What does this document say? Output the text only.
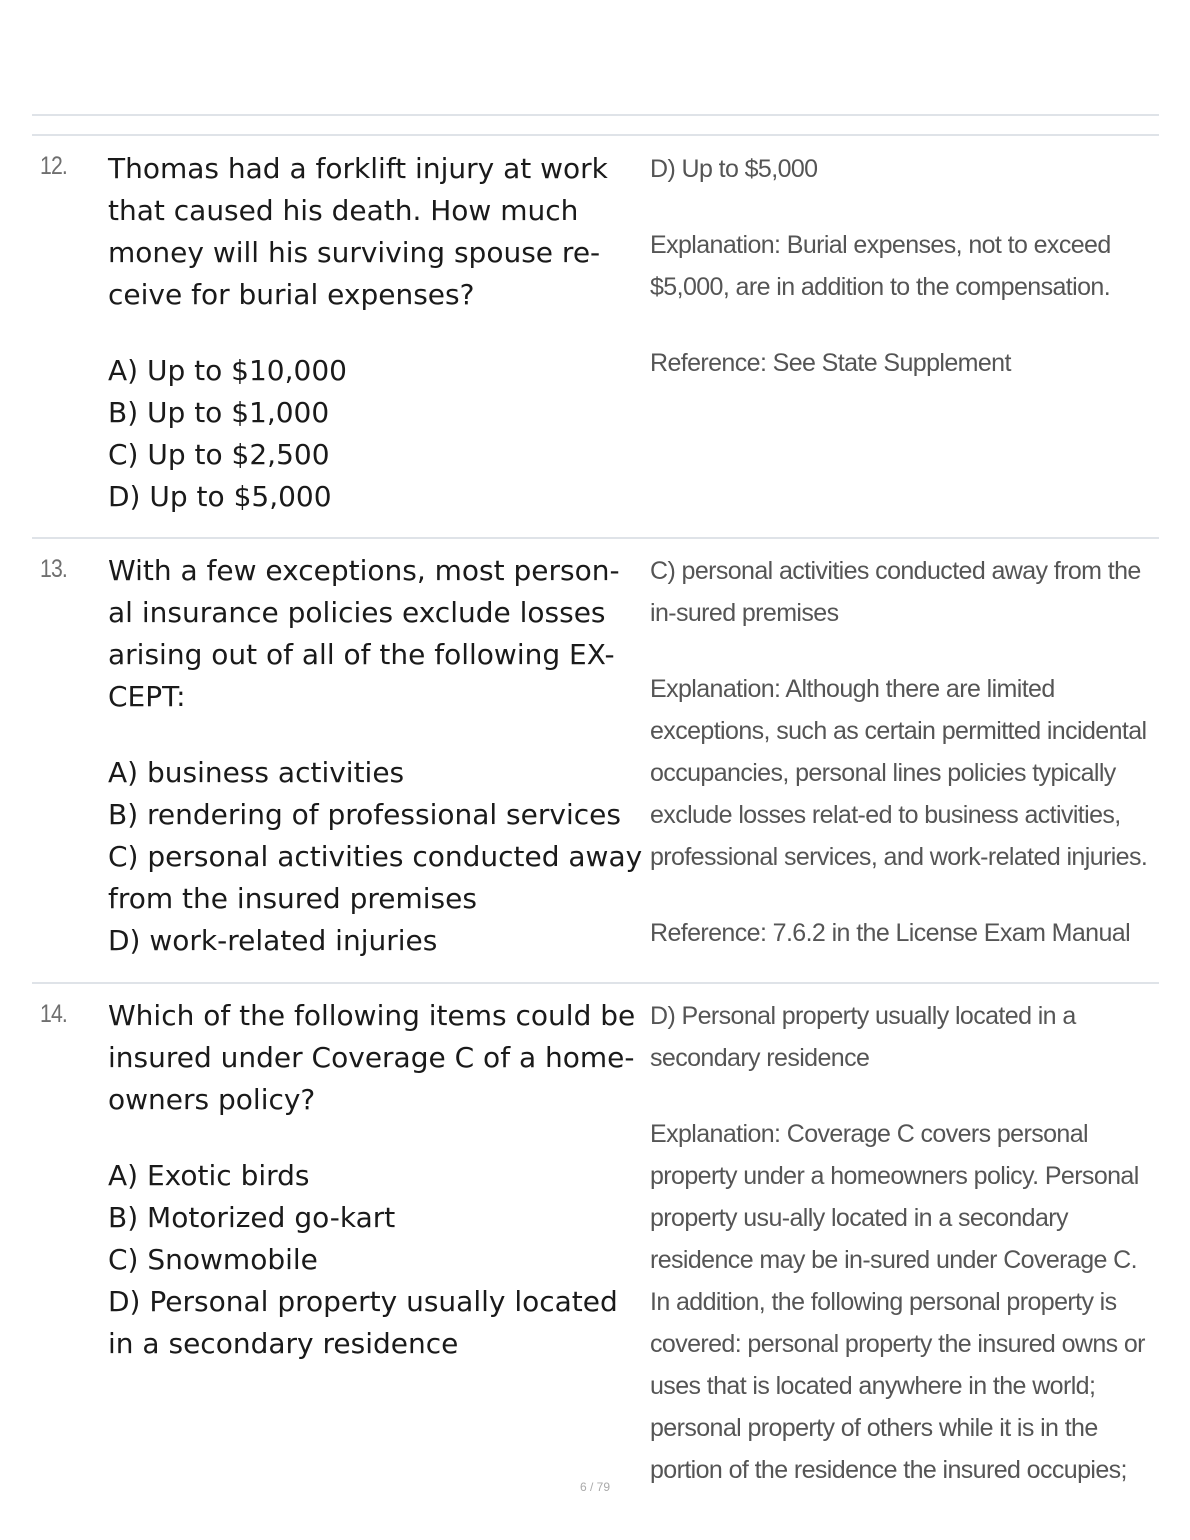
12. Thomas had a forklift injury at work that caused his death. How much money will his surviving spouse re-ceive for burial expenses?

A) Up to $10,000
B) Up to $1,000
C) Up to $2,500
D) Up to $5,000

D) Up to $5,000

Explanation: Burial expenses, not to exceed $5,000, are in addition to the compensation.

Reference: See State Supplement

13. With a few exceptions, most person-al insurance policies exclude losses arising out of all of the following EX-CEPT:

A) business activities
B) rendering of professional services
C) personal activities conducted away from the insured premises
D) work-related injuries

C) personal activities conducted away from the in-sured premises

Explanation: Although there are limited exceptions, such as certain permitted incidental occupancies, personal lines policies typically exclude losses relat-ed to business activities, professional services, and work-related injuries.

Reference: 7.6.2 in the License Exam Manual

14. Which of the following items could be insured under Coverage C of a home-owners policy?

A) Exotic birds
B) Motorized go-kart
C) Snowmobile
D) Personal property usually located in a secondary residence

D) Personal property usually located in a secondary residence

Explanation: Coverage C covers personal property under a homeowners policy. Personal property usu-ally located in a secondary residence may be in-sured under Coverage C. In addition, the following personal property is covered: personal property the insured owns or uses that is located anywhere in the world; personal property of others while it is in the portion of the residence the insured occupies;

6 / 79
